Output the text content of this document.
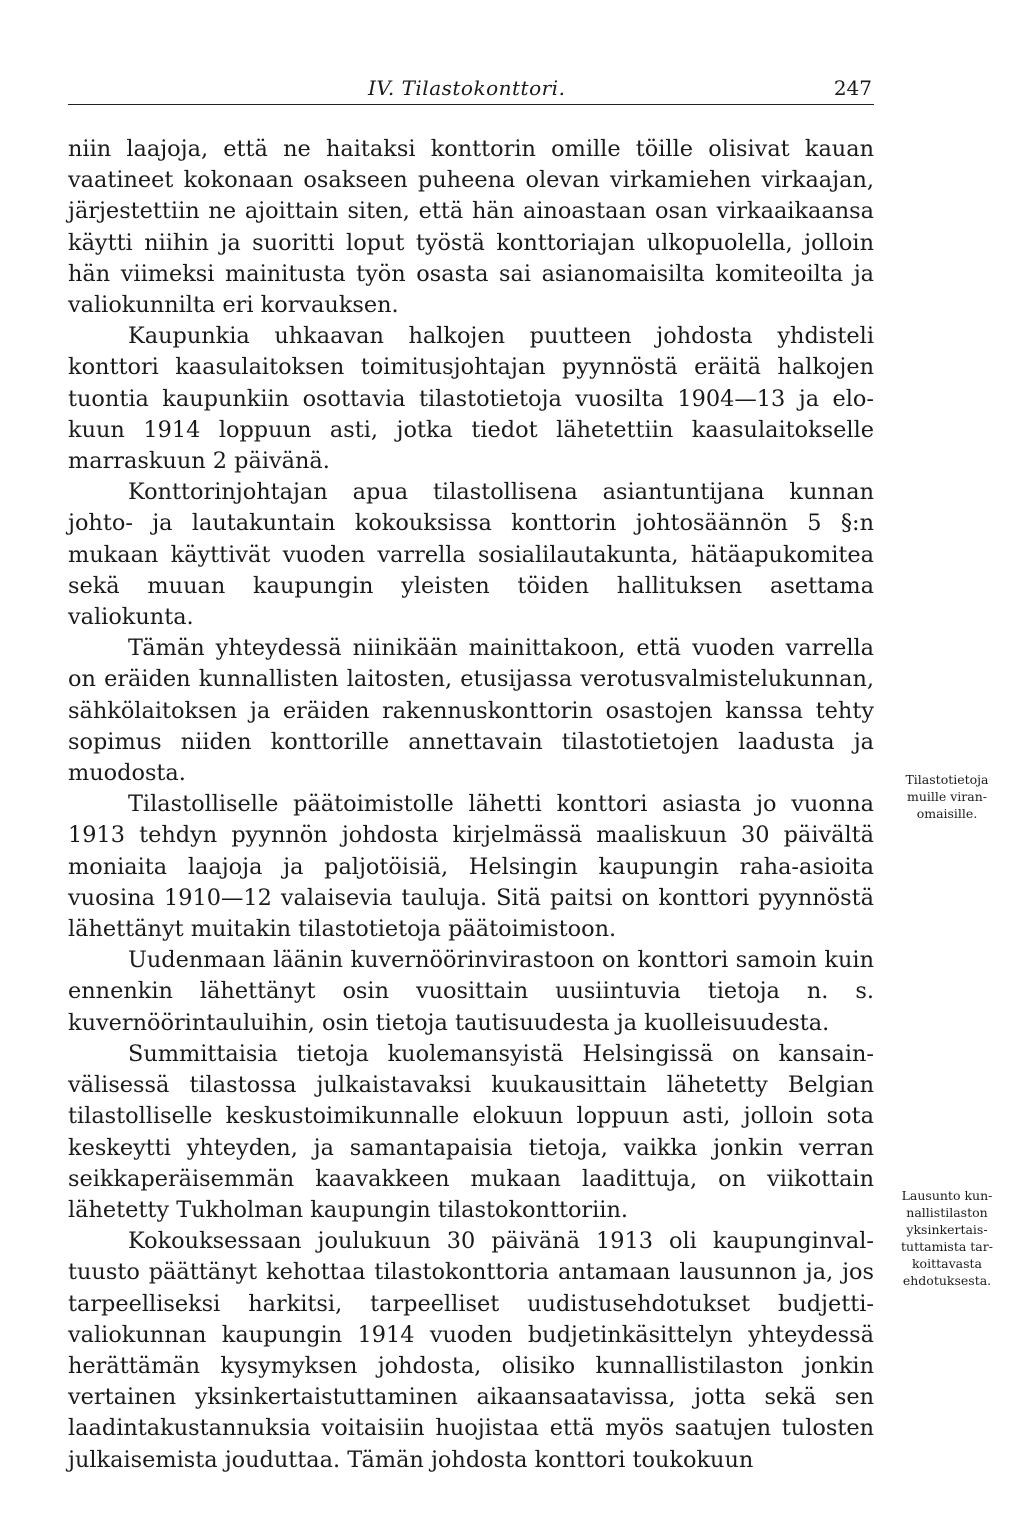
IV. Tilastokonttori.	247

niin laajoja, että ne haitaksi konttorin omille töille olisivat kauan vaatineet kokonaan osakseen puheena olevan virkamiehen virkaajan, järjestettiin ne ajoittain siten, että hän ainoastaan osan virkaaikaansa käytti niihin ja suoritti loput työstä konttoriajan ulkopuolella, jolloin hän viimeksi mainitusta työn osasta sai asianomaisilta komiteoilta ja valiokunnilta eri korvauksen.

Kaupunkia uhkaavan halkojen puutteen johdosta yhdisteli konttori kaasulaitoksen toimitusjohtajan pyynnöstä eräitä halkojen tuontia kaupunkiin osottavia tilastotietoja vuosilta 1904—13 ja elokuun 1914 loppuun asti, jotka tiedot lähetettiin kaasulaitokselle marraskuun 2 päivänä.

Konttorinjohtajan apua tilastollisena asiantuntijana kunnan johto- ja lautakuntain kokouksissa konttorin johtosäännön 5 §:n mukaan käyttivät vuoden varrella sosialilautakunta, hätäapukomitea sekä muuan kaupungin yleisten töiden hallituksen asettama valiokunta.

Tämän yhteydessä niinikään mainittakoon, että vuoden varrella on eräiden kunnallisten laitosten, etusijassa verotusvalmistelukunnan, sähkölaitoksen ja eräiden rakennuskonttorin osastojen kanssa tehty sopimus niiden konttorille annettavain tilastotietojen laadusta ja muodosta.

Tilastolliselle päätoimistolle lähetti konttori asiasta jo vuonna 1913 tehdyn pyynnön johdosta kirjelmässä maaliskuun 30 päivältä moniaita laajoja ja paljotöisiä, Helsingin kaupungin raha-asioita vuosina 1910—12 valaisevia tauluja. Sitä paitsi on konttori pyynnöstä lähettänyt muitakin tilastotietoja päätoimistoon.

Uudenmaan läänin kuvernöörinvirastoon on konttori samoin kuin ennenkin lähettänyt osin vuosittain uusiintuvia tietoja n. s. kuvernöörintauluihin, osin tietoja tautisuudesta ja kuolleisuudesta.

Summittaisia tietoja kuolemansyistä Helsingissä on kansainvälisessä tilastossa julkaistavaksi kuukausittain lähetetty Belgian tilastolliselle keskustoimikunnalle elokuun loppuun asti, jolloin sota keskeytti yhteyden, ja samantapaisia tietoja, vaikka jonkin verran seikkaperäisemmän kaavakkeen mukaan laadittuja, on viikottain lähetetty Tukholman kaupungin tilastokonttoriin.

Kokouksessaan joulukuun 30 päivänä 1913 oli kaupunginvaltuusto päättänyt kehottaa tilastokonttoria antamaan lausunnon ja, jos tarpeelliseksi harkitsi, tarpeelliset uudistusehdotukset budjettivaliokunnan kaupungin 1914 vuoden budjetinkäsittelyn yhteydessä herättämän kysymyksen johdosta, olisiko kunnallistilaston jonkin vertainen yksinkertaistuttaminen aikaansaatavissa, jotta sekä sen laadintakustannuksia voitaisiin huojistaa että myös saatujen tulosten julkaisemista jouduttaa. Tämän johdosta konttori toukokuun

Tilastotietoja muille viranomaisille.
Lausunto kunnallistilaston yksinkertaistuttamista tarkoittavasta ehdotuksesta.
